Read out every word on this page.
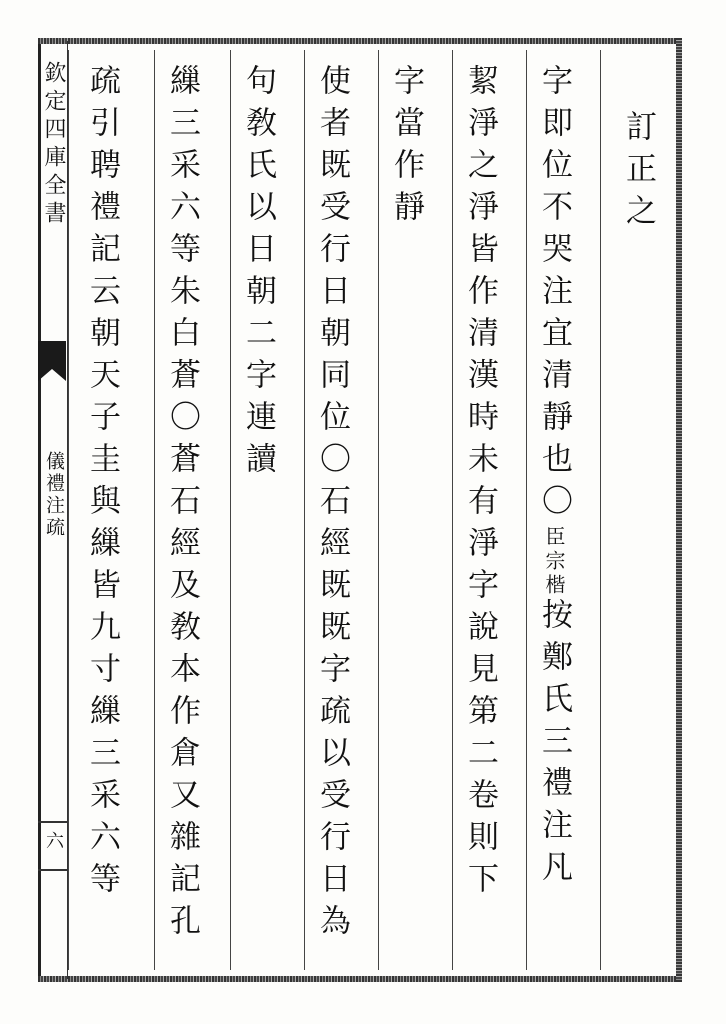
欽定四庫全書
儀禮注疏
六
訂正之
字即位不哭注宜清靜也〇臣宗楷按鄭氏三禮注凡
絜淨之淨皆作清漢時未有淨字說見第二卷則下
字當作靜
使者既受行日朝同位〇石經既既字疏以受行日為
句敎氏以日朝二字連讀
繅三采六等朱白蒼〇蒼石經及敎本作倉又雜記孔
疏引聘禮記云朝天子圭與繅皆九寸繅三采六等
